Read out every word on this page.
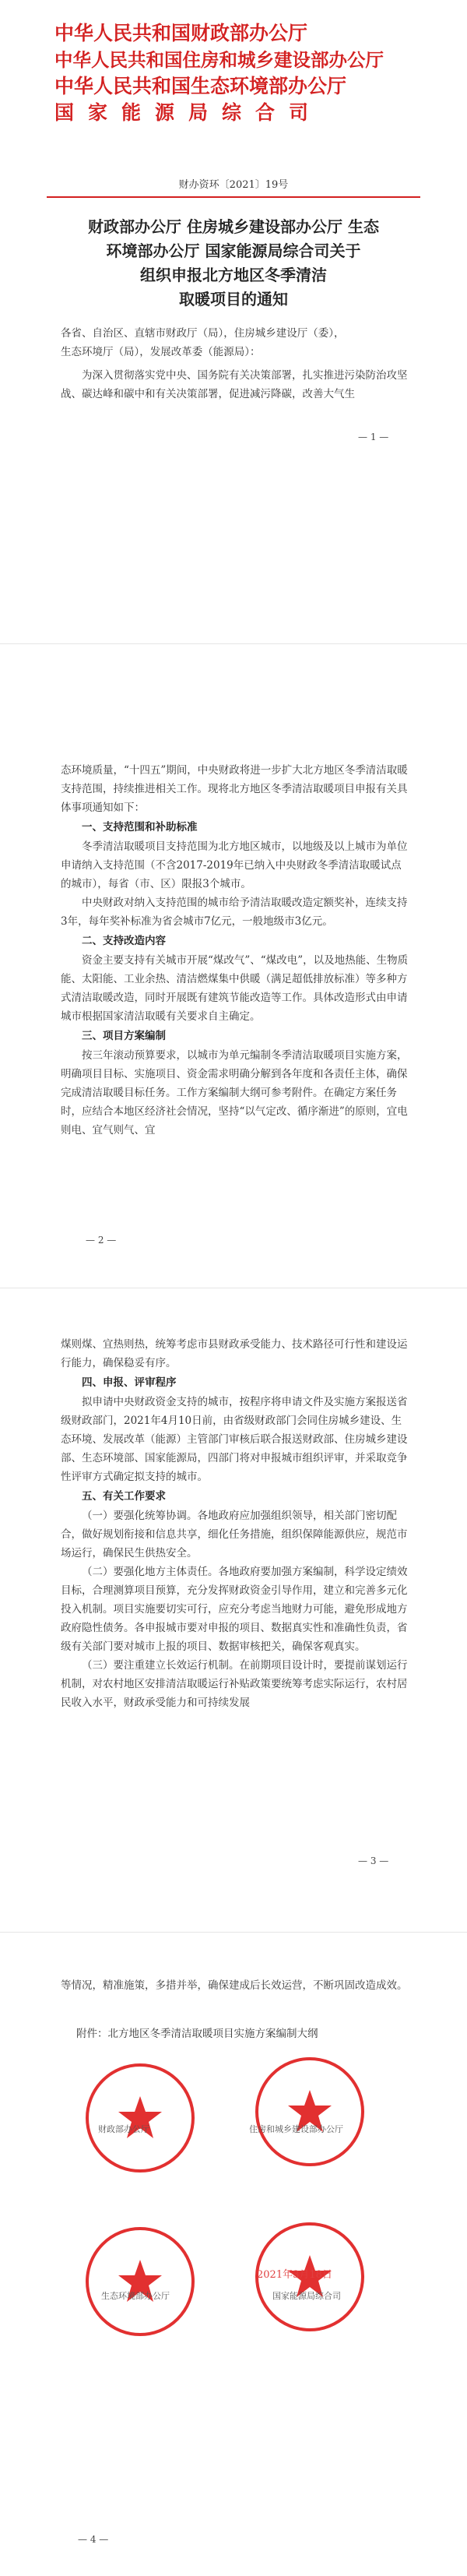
中华人民共和国财政部办公厅
中华人民共和国住房和城乡建设部办公厅
中华人民共和国生态环境部办公厅
国家能源局综合司
财办资环〔2021〕19号
财政部办公厅 住房城乡建设部办公厅 生态
环境部办公厅 国家能源局综合司关于
组织申报北方地区冬季清洁
取暖项目的通知
各省、自治区、直辖市财政厅（局），住房城乡建设厅（委），
生态环境厅（局），发展改革委（能源局）：

为深入贯彻落实党中央、国务院有关决策部署，扎实推进污染防治攻坚战、碳达峰和碳中和有关决策部署，促进减污降碳，改善大气生

— 1 —

态环境质量，“十四五”期间，中央财政将进一步扩大北方地区冬季清洁取暖支持范围，持续推进相关工作。现将北方地区冬季清洁取暖项目申报有关具体事项通知如下：

一、支持范围和补助标准

冬季清洁取暖项目支持范围为北方地区城市，以地级及以上城市为单位申请纳入支持范围（不含2017-2019年已纳入中央财政冬季清洁取暖试点的城市），每省（市、区）限报3个城市。

中央财政对纳入支持范围的城市给予清洁取暖改造定额奖补，连续支持3年，每年奖补标准为省会城市7亿元，一般地级市3亿元。

二、支持改造内容

资金主要支持有关城市开展“煤改气”、“煤改电”，以及地热能、生物质能、太阳能、工业余热、清洁燃煤集中供暖（满足超低排放标准）等多种方式清洁取暖改造，同时开展既有建筑节能改造等工作。具体改造形式由申请城市根据国家清洁取暖有关要求自主确定。

三、项目方案编制

按三年滚动预算要求，以城市为单元编制冬季清洁取暖项目实施方案，明确项目目标、实施项目、资金需求明确分解到各年度和各责任主体，确保完成清洁取暖目标任务。工作方案编制大纲可参考附件。在确定方案任务时，应结合本地区经济社会情况，坚持“以气定改、循序渐进”的原则，宜电则电、宜气则气、宜

— 2 —

煤则煤、宜热则热，统筹考虑市县财政承受能力、技术路径可行性和建设运行能力，确保稳妥有序。

四、申报、评审程序

拟申请中央财政资金支持的城市，按程序将申请文件及实施方案报送省级财政部门，2021年4月10日前，由省级财政部门会同住房城乡建设、生态环境、发展改革（能源）主管部门审核后联合报送财政部、住房城乡建设部、生态环境部、国家能源局，四部门将对申报城市组织评审，并采取竞争性评审方式确定拟支持的城市。

五、有关工作要求

（一）要强化统筹协调。各地政府应加强组织领导，相关部门密切配合，做好规划衔接和信息共享，细化任务措施，组织保障能源供应，规范市场运行，确保民生供热安全。

（二）要强化地方主体责任。各地政府要加强方案编制，科学设定绩效目标，合理测算项目预算，充分发挥财政资金引导作用，建立和完善多元化投入机制。项目实施要切实可行，应充分考虑当地财力可能，避免形成地方政府隐性债务。各申报城市要对申报的项目、数据真实性和准确性负责，省级有关部门要对城市上报的项目、数据审核把关，确保客观真实。

（三）要注重建立长效运行机制。在前期项目设计时，要提前谋划运行机制，对农村地区安排清洁取暖运行补贴政策要统筹考虑实际运行，农村居民收入水平，财政承受能力和可持续发展

— 3 —

等情况，精准施策，多措并举，确保建成后长效运营，不断巩固改造成效。

附件：北方地区冬季清洁取暖项目实施方案编制大纲
财政部办公厅	住房和城乡建设部办公厅
生态环境部办公厅	国家能源局综合司
2021年3月18日
— 4 —
